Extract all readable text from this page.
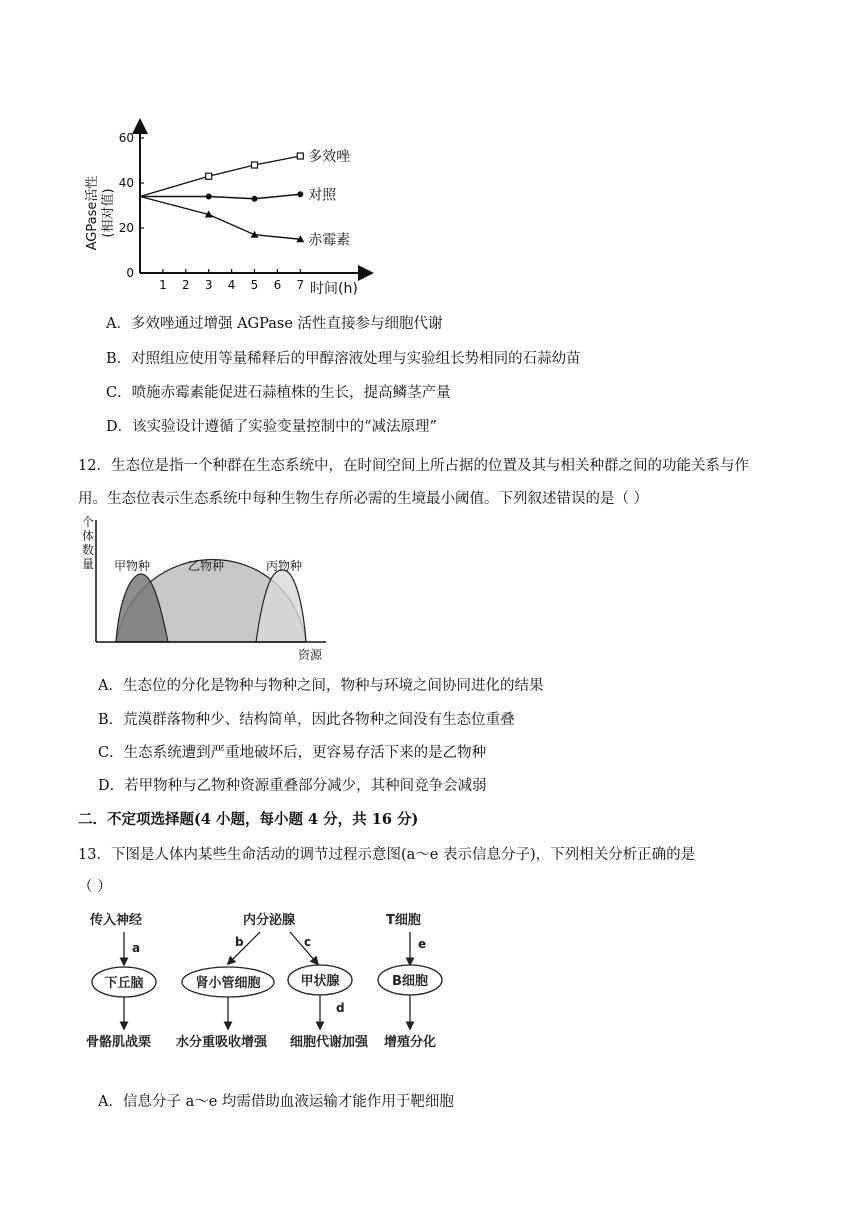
1 2 3 4 5 6 7
0
20
40
60
多效唑
对照
赤霉素
AGPase活性 (相对值)
时间(h)
A．多效唑通过增强 AGPase 活性直接参与细胞代谢
B．对照组应使用等量稀释后的甲醇溶液处理与实验组长势相同的石蒜幼苗
C．喷施赤霉素能促进石蒜植株的生长，提高鳞茎产量
D．该实验设计遵循了实验变量控制中的“减法原理”
12．生态位是指一个种群在生态系统中，在时间空间上所占据的位置及其与相关种群之间的功能关系与作
用。生态位表示生态系统中每种生物生存所必需的生境最小阈值。下列叙述错误的是（ ）
个
体
数
量
资源
甲物种	乙物种	丙物种
A．生态位的分化是物种与物种之间，物种与环境之间协同进化的结果
B．荒漠群落物种少、结构简单，因此各物种之间没有生态位重叠
C．生态系统遭到严重地破坏后，更容易存活下来的是乙物种
D．若甲物种与乙物种资源重叠部分减少，其种间竞争会减弱
二．不定项选择题(4 小题，每小题 4 分，共 16 分)
13．下图是人体内某些生命活动的调节过程示意图(a～e 表示信息分子)，下列相关分析正确的是
（ ）
传入神经	内分泌腺	T细胞
a	b	c	e
d
下丘脑	肾小管细胞	甲状腺	B细胞
骨骼肌战栗 水分重吸收增强 细胞代谢加强 增殖分化
A．信息分子 a～e 均需借助血液运输才能作用于靶细胞
